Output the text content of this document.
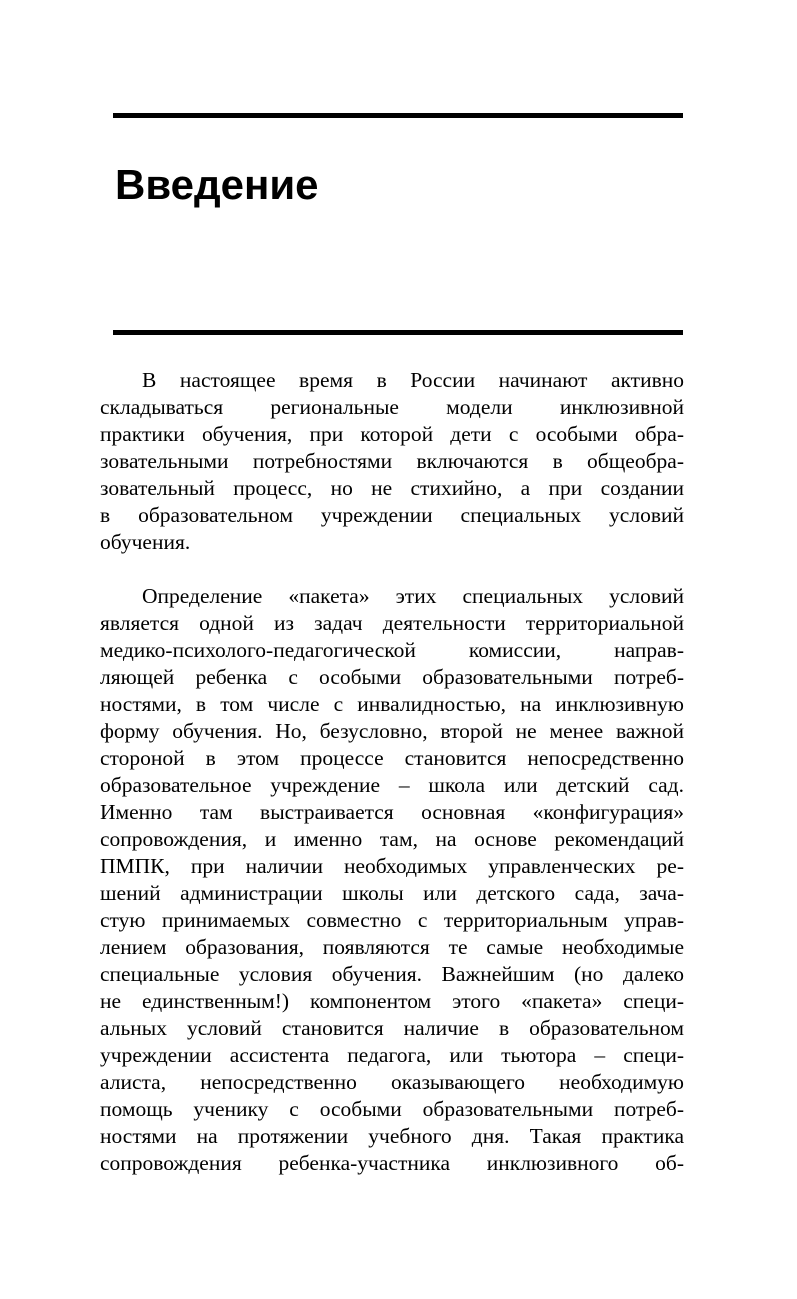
Введение
В настоящее время в России начинают активно
складываться региональные модели инклюзивной
практики обучения, при которой дети с особыми обра-
зовательными потребностями включаются в общеобра-
зовательный процесс, но не стихийно, а при создании
в образовательном учреждении специальных условий
обучения.
Определение «пакета» этих специальных условий
является одной из задач деятельности территориальной
медико-психолого-педагогической комиссии, направ-
ляющей ребенка с особыми образовательными потреб-
ностями, в том числе с инвалидностью, на инклюзивную
форму обучения. Но, безусловно, второй не менее важной
стороной в этом процессе становится непосредственно
образовательное учреждение – школа или детский сад.
Именно там выстраивается основная «конфигурация»
сопровождения, и именно там, на основе рекомендаций
ПМПК, при наличии необходимых управленческих ре-
шений администрации школы или детского сада, зача-
стую принимаемых совместно с территориальным управ-
лением образования, появляются те самые необходимые
специальные условия обучения. Важнейшим (но далеко
не единственным!) компонентом этого «пакета» специ-
альных условий становится наличие в образовательном
учреждении ассистента педагога, или тьютора – специ-
алиста, непосредственно оказывающего необходимую
помощь ученику с особыми образовательными потреб-
ностями на протяжении учебного дня. Такая практика
сопровождения ребенка-участника инклюзивного об-
